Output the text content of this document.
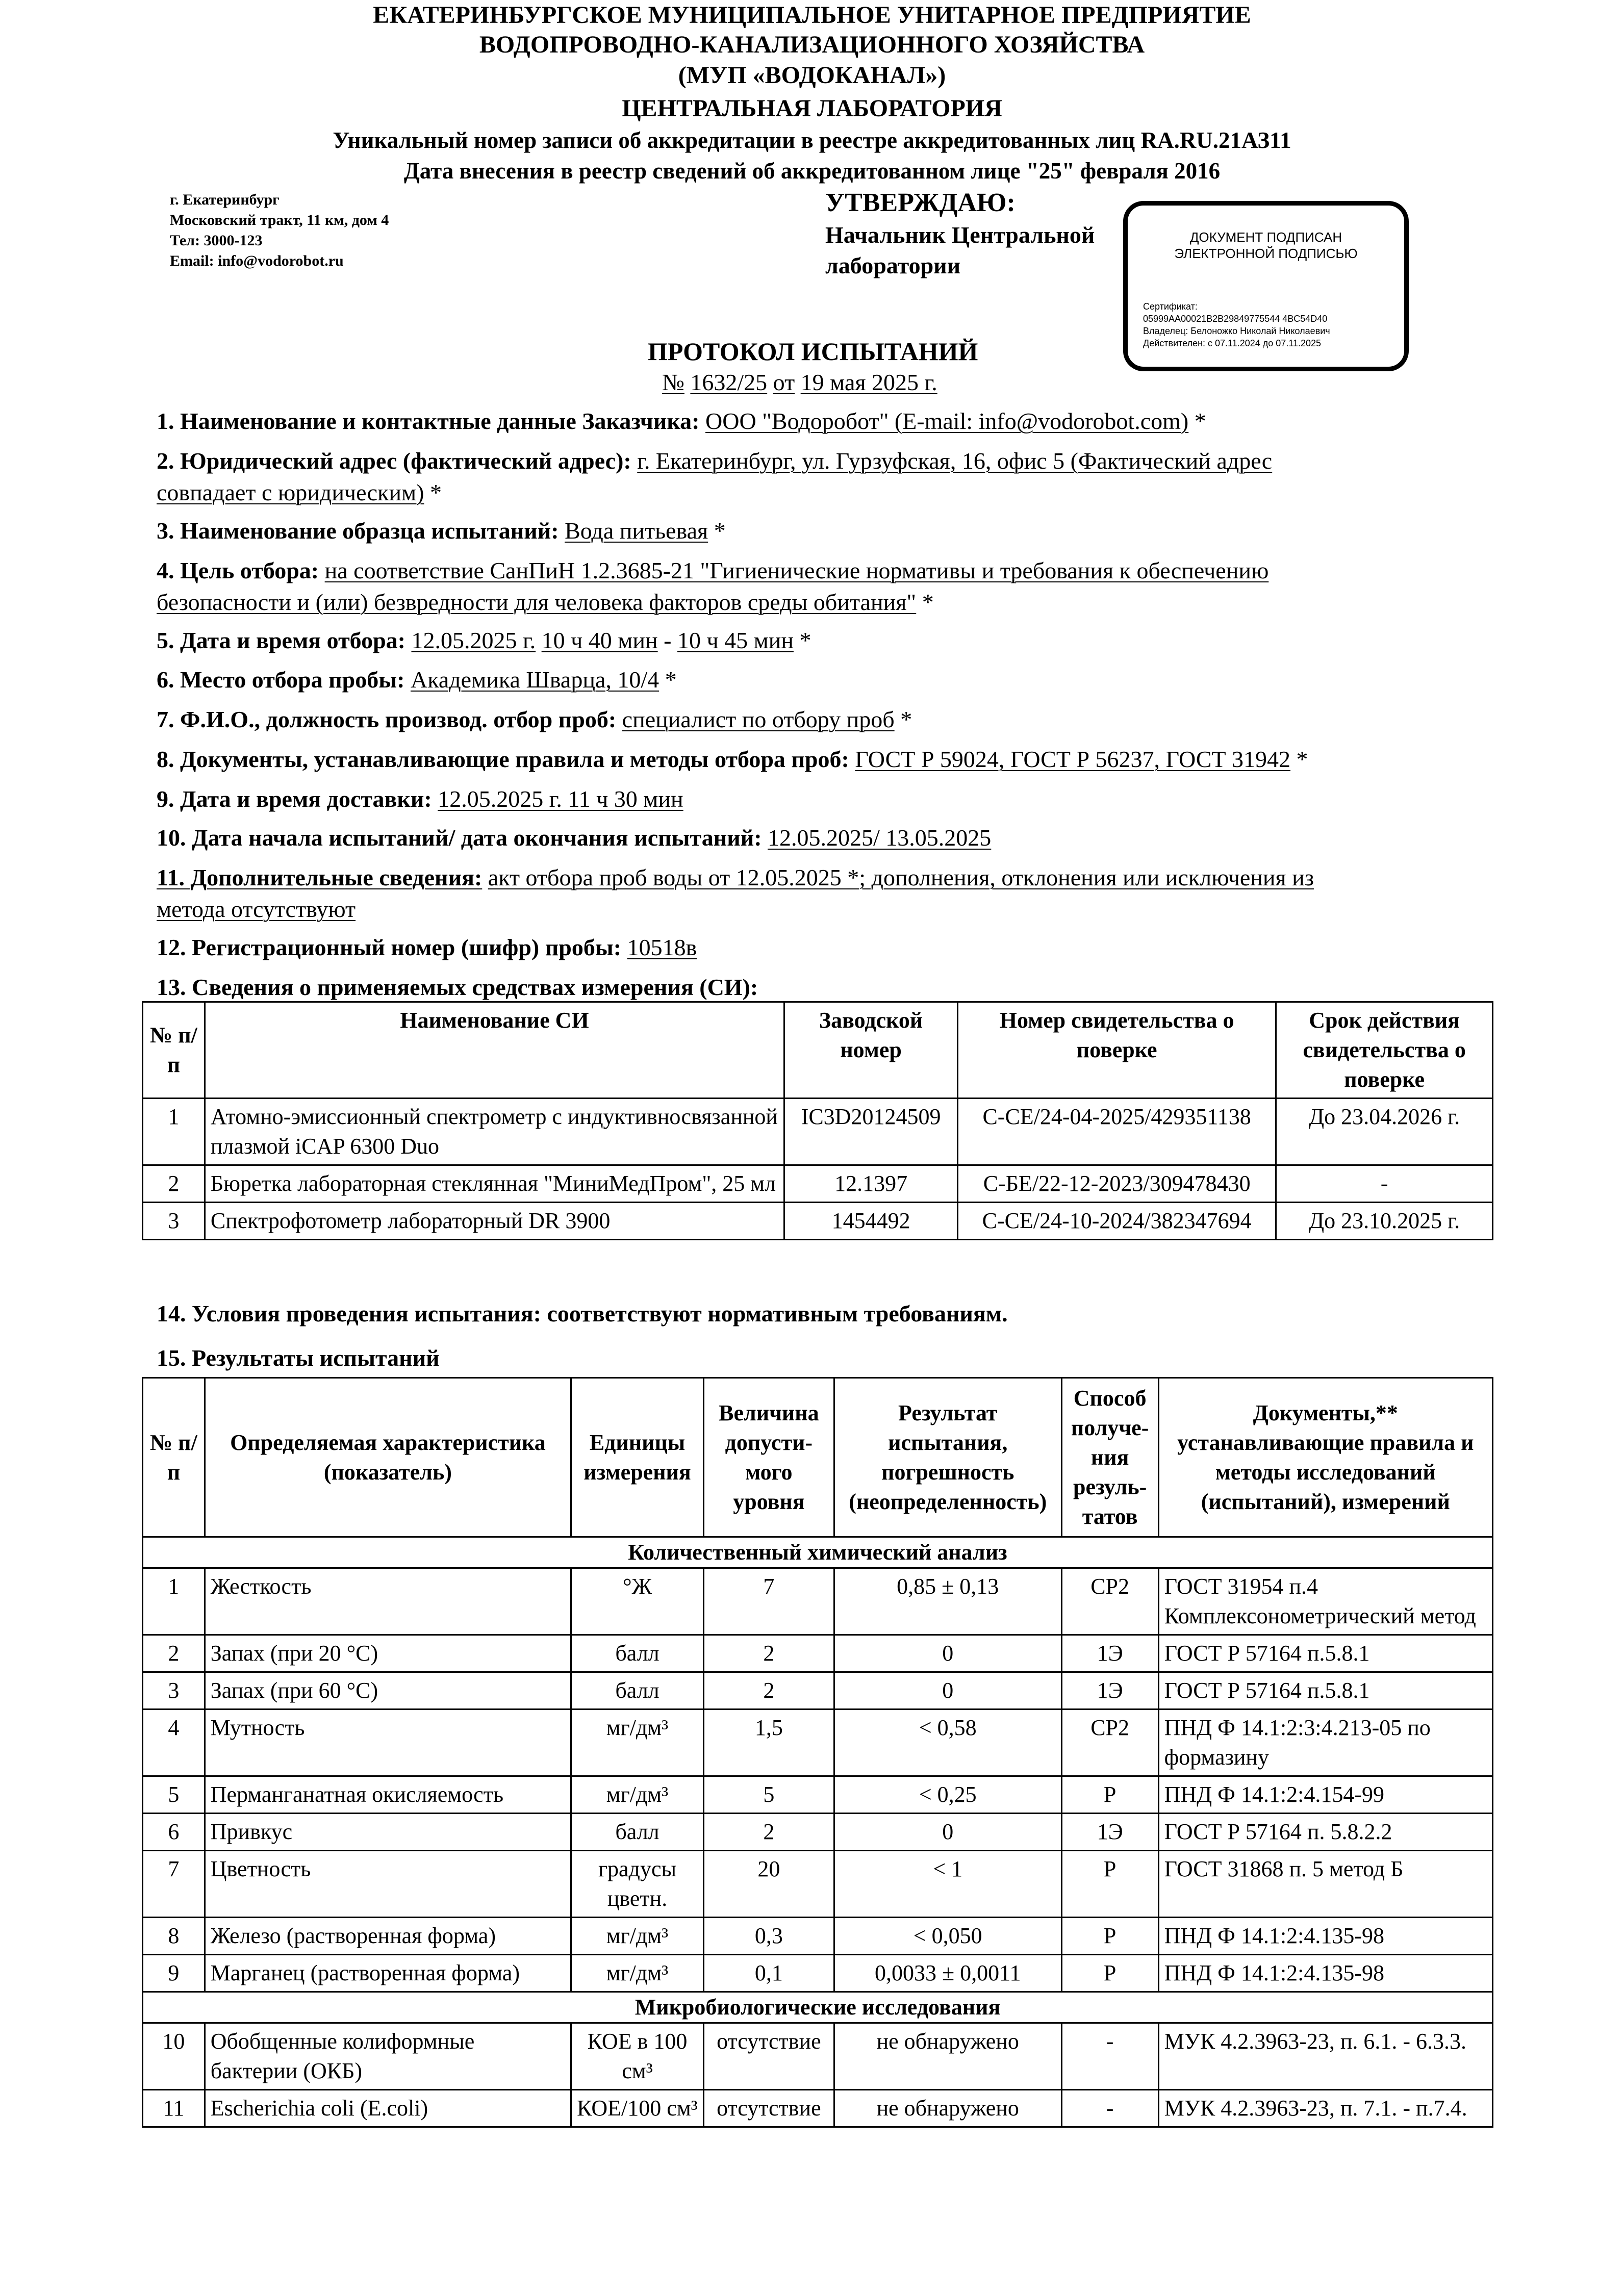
ЕКАТЕРИНБУРГСКОЕ МУНИЦИПАЛЬНОЕ УНИТАРНОЕ ПРЕДПРИЯТИЕ
ВОДОПРОВОДНО-КАНАЛИЗАЦИОННОГО ХОЗЯЙСТВА
(МУП «ВОДОКАНАЛ»)
ЦЕНТРАЛЬНАЯ ЛАБОРАТОРИЯ
Уникальный номер записи об аккредитации в реестре аккредитованных лиц RA.RU.21АЗ11
Дата внесения в реестр сведений об аккредитованном лице "25" февраля 2016
г. Екатеринбург
Московский тракт, 11 км, дом 4
Тел: 3000-123
Email: info@vodorobot.ru
УТВЕРЖДАЮ:
Начальник Центральной
лаборатории
ДОКУМЕНТ ПОДПИСАН
ЭЛЕКТРОННОЙ ПОДПИСЬЮ
Сертификат:
05999AA00021B2B29849775544 4BC54D40
Владелец: Белоножко Николай Николаевич
Действителен: с 07.11.2024 до 07.11.2025
ПРОТОКОЛ ИСПЫТАНИЙ
№ 1632/25 от 19 мая 2025 г.
1. Наименование и контактные данные Заказчика: ООО "Водоробот" (E-mail: info@vodorobot.com) *
2. Юридический адрес (фактический адрес): г. Екатеринбург, ул. Гурзуфская, 16, офис 5 (Фактический адрес
совпадает с юридическим) *
3. Наименование образца испытаний: Вода питьевая *
4. Цель отбора: на соответствие СанПиН 1.2.3685-21 "Гигиенические нормативы и требования к обеспечению
безопасности и (или) безвредности для человека факторов среды обитания" *
5. Дата и время отбора: 12.05.2025 г. 10 ч 40 мин - 10 ч 45 мин *
6. Место отбора пробы: Академика Шварца, 10/4 *
7. Ф.И.О., должность производ. отбор проб: специалист по отбору проб *
8. Документы, устанавливающие правила и методы отбора проб: ГОСТ Р 59024, ГОСТ Р 56237, ГОСТ 31942 *
9. Дата и время доставки: 12.05.2025 г. 11 ч 30 мин
10. Дата начала испытаний/ дата окончания испытаний: 12.05.2025/ 13.05.2025
11. Дополнительные сведения: акт отбора проб воды от 12.05.2025 *; дополнения, отклонения или исключения из
метода отсутствуют
12. Регистрационный номер (шифр) пробы: 10518в
13. Сведения о применяемых средствах измерения (СИ):
№ п/п	Наименование СИ	Заводской номер	Номер свидетельства о поверке	Срок действия свидетельства о поверке
1	Атомно-эмиссионный спектрометр с индуктивносвязанной плазмой iCAP 6300 Duo	IC3D20124509	С-СЕ/24-04-2025/429351138	До 23.04.2026 г.
2	Бюретка лабораторная стеклянная "МиниМедПром", 25 мл	12.1397	С-БЕ/22-12-2023/309478430	-
3	Спектрофотометр лабораторный DR 3900	1454492	С-СЕ/24-10-2024/382347694	До 23.10.2025 г.
14. Условия проведения испытания: соответствуют нормативным требованиям.
15. Результаты испытаний
№ п/п	Определяемая характеристика (показатель)	Единицы измерения	Величина допусти-мого уровня	Результат испытания, погрешность (неопределенность)	Способ получе-ния резуль-татов	Документы,** устанавливающие правила и методы исследований (испытаний), измерений
Количественный химический анализ						
1	Жесткость	°Ж	7	0,85 ± 0,13	СР2	ГОСТ 31954 п.4 Комплексонометрический метод
2	Запах (при 20 °С)	балл	2	0	1Э	ГОСТ Р 57164 п.5.8.1
3	Запах (при 60 °С)	балл	2	0	1Э	ГОСТ Р 57164 п.5.8.1
4	Мутность	мг/дм³	1,5	< 0,58	СР2	ПНД Ф 14.1:2:3:4.213-05 по формазину
5	Перманганатная окисляемость	мг/дм³	5	< 0,25	Р	ПНД Ф 14.1:2:4.154-99
6	Привкус	балл	2	0	1Э	ГОСТ Р 57164 п. 5.8.2.2
7	Цветность	градусы цветн.	20	< 1	Р	ГОСТ 31868 п. 5 метод Б
8	Железо (растворенная форма)	мг/дм³	0,3	< 0,050	Р	ПНД Ф 14.1:2:4.135-98
9	Марганец (растворенная форма)	мг/дм³	0,1	0,0033 ± 0,0011	Р	ПНД Ф 14.1:2:4.135-98
Микробиологические исследования						
10	Обобщенные колиформные бактерии (ОКБ)	КОЕ в 100 см³	отсутствие	не обнаружено	-	МУК 4.2.3963-23, п. 6.1. - 6.3.3.
11	Escherichia coli (E.coli)	КОЕ/100 см³	отсутствие	не обнаружено	-	МУК 4.2.3963-23, п. 7.1. - п.7.4.
